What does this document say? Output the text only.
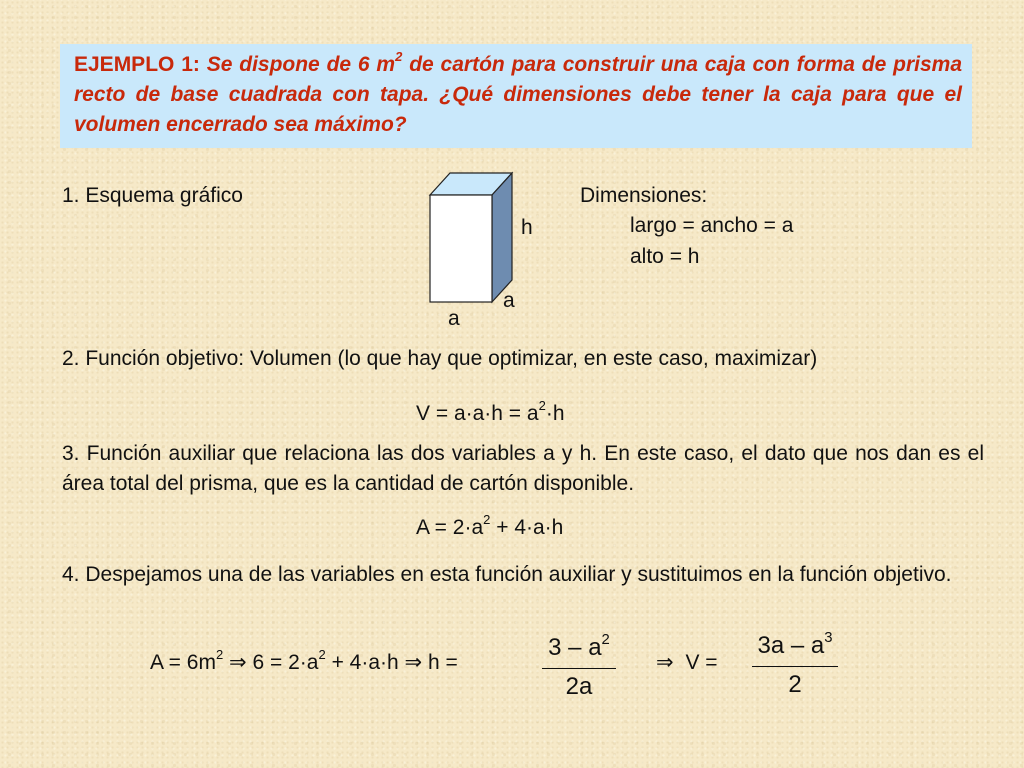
EJEMPLO 1: Se dispone de 6 $m^2$ de cartón para construir una caja con forma de prisma recto de base cuadrada con tapa. ¿Qué dimensiones debe tener la caja para que el volumen encerrado sea máximo?
1. Esquema gráfico
h
a
a
Dimensiones:
largo = ancho = a
alto = h
2. Función objetivo: Volumen (lo que hay que optimizar, en este caso, maximizar)
$V = a\cdot a\cdot h = a^2\cdot h$
3. Función auxiliar que relaciona las dos variables a y h. En este caso, el dato que nos dan es el área total del prisma, que es la cantidad de cartón disponible.
$A = 2\cdot a^2 + 4\cdot a\cdot h$
4. Despejamos una de las variables en esta función auxiliar y sustituimos en la función objetivo.
$A = 6m^2$ ⇒ $6 = 2\cdot a^2 + 4\cdot a\cdot h$ ⇒ h =
$3 - a^2$
2a
⇒ V =
$3a - a^3$
2
